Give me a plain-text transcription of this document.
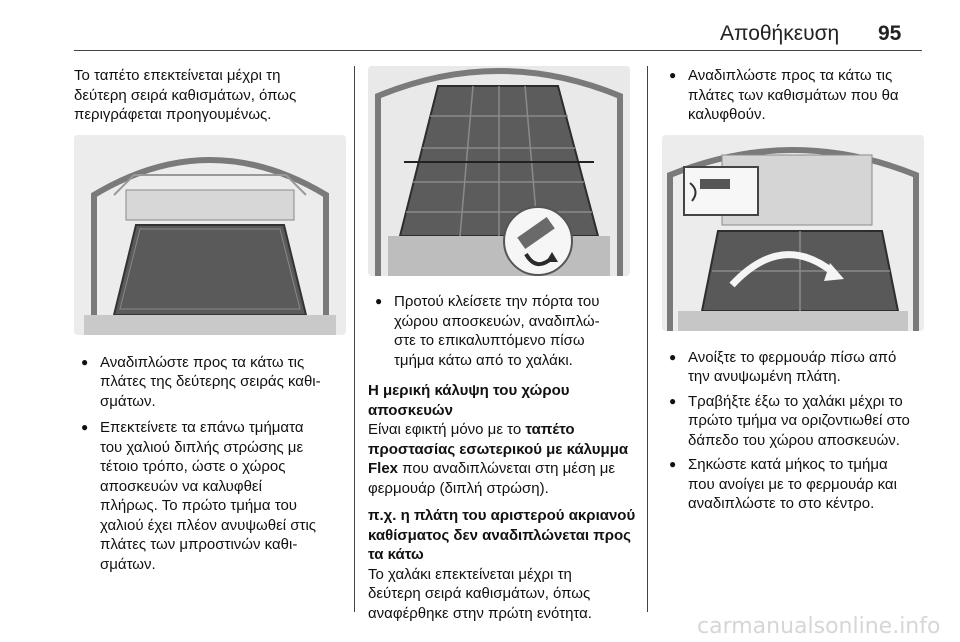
Αποθήκευση 95

Το ταπέτο επεκτείνεται μέχρι τη
δεύτερη σειρά καθισμάτων, όπως
περιγράφεται προηγουμένως.

● Αναδιπλώστε προς τα κάτω τις
πλάτες της δεύτερης σειράς καθι-
σμάτων.
● Επεκτείνετε τα επάνω τμήματα
του χαλιού διπλής στρώσης με
τέτοιο τρόπο, ώστε ο χώρος
αποσκευών να καλυφθεί
πλήρως. Το πρώτο τμήμα του
χαλιού έχει πλέον ανυψωθεί στις
πλάτες των μπροστινών καθι-
σμάτων.
● Προτού κλείσετε την πόρτα του
χώρου αποσκευών, αναδιπλώ-
στε το επικαλυπτόμενο πίσω
τμήμα κάτω από το χαλάκι.

Η μερική κάλυψη του χώρου
αποσκευών

Είναι εφικτή μόνο με το ταπέτο
προστασίας εσωτερικού με κάλυμμα
Flex που αναδιπλώνεται στη μέση με
φερμουάρ (διπλή στρώση).

π.χ. η πλάτη του αριστερού ακριανού
καθίσματος δεν αναδιπλώνεται προς
τα κάτω

Το χαλάκι επεκτείνεται μέχρι τη
δεύτερη σειρά καθισμάτων, όπως
αναφέρθηκε στην πρώτη ενότητα.

● Αναδιπλώστε προς τα κάτω τις
πλάτες των καθισμάτων που θα
καλυφθούν.
● Ανοίξτε το φερμουάρ πίσω από
την ανυψωμένη πλάτη.
● Τραβήξτε έξω το χαλάκι μέχρι το
πρώτο τμήμα να οριζοντιωθεί στο
δάπεδο του χώρου αποσκευών.
● Σηκώστε κατά μήκος το τμήμα
που ανοίγει με το φερμουάρ και
αναδιπλώστε το στο κέντρο.
carmanualsonline.info
